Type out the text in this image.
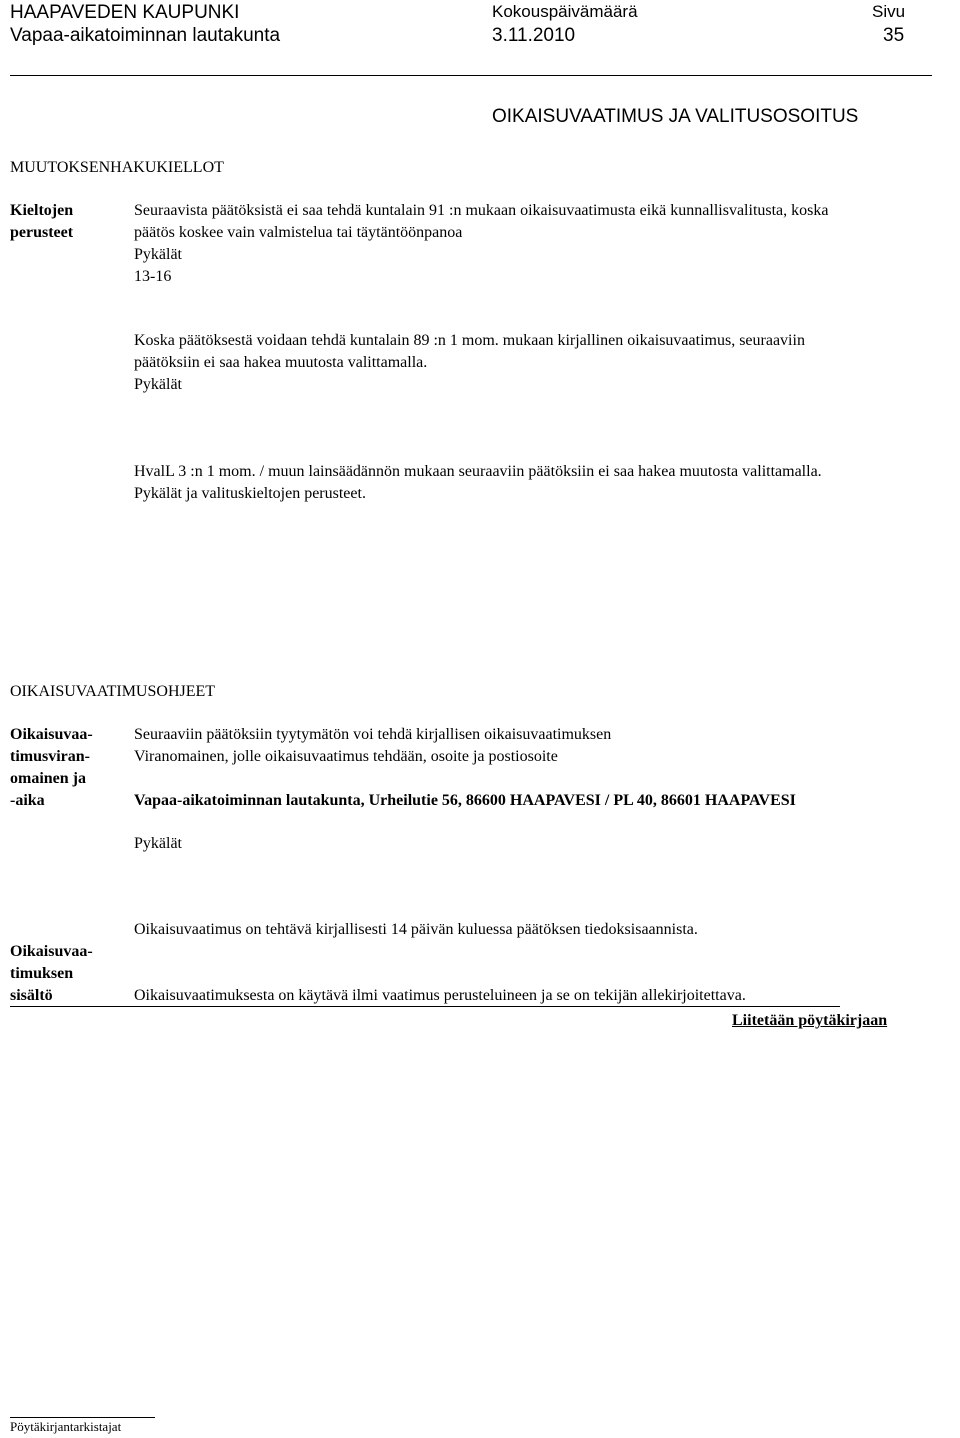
HAAPAVEDEN KAUPUNKI
Vapaa-aikatoiminnan lautakunta
Kokouspäivämäärä
3.11.2010
Sivu
35
OIKAISUVAATIMUS JA VALITUSOSOITUS
MUUTOKSENHAKUKIELLOT
Kieltojen
perusteet
Seuraavista päätöksistä ei saa tehdä kuntalain 91 :n mukaan oikaisuvaatimusta eikä kunnallisvalitusta, koska
päätös koskee vain valmistelua tai täytäntöönpanoa
Pykälät
13-16
Koska päätöksestä voidaan tehdä kuntalain 89 :n 1 mom. mukaan kirjallinen oikaisuvaatimus, seuraaviin
päätöksiin ei saa hakea muutosta valittamalla.
Pykälät
HvalL 3 :n 1 mom. / muun lainsäädännön mukaan seuraaviin päätöksiin ei saa hakea muutosta valittamalla.
Pykälät ja valituskieltojen perusteet.
OIKAISUVAATIMUSOHJEET
Oikaisuvaa-
timusviran-
omainen ja
-aika
Seuraaviin päätöksiin tyytymätön voi tehdä kirjallisen oikaisuvaatimuksen
Viranomainen, jolle oikaisuvaatimus tehdään, osoite ja postiosoite
Vapaa-aikatoiminnan lautakunta, Urheilutie 56, 86600 HAAPAVESI / PL 40, 86601 HAAPAVESI
Pykälät
Oikaisuvaa-
timuksen
sisältö
Oikaisuvaatimus on tehtävä kirjallisesti 14 päivän kuluessa päätöksen tiedoksisaannista.
Oikaisuvaatimuksesta on käytävä ilmi vaatimus perusteluineen ja se on tekijän allekirjoitettava.
Liitetään pöytäkirjaan
Pöytäkirjantarkistajat
